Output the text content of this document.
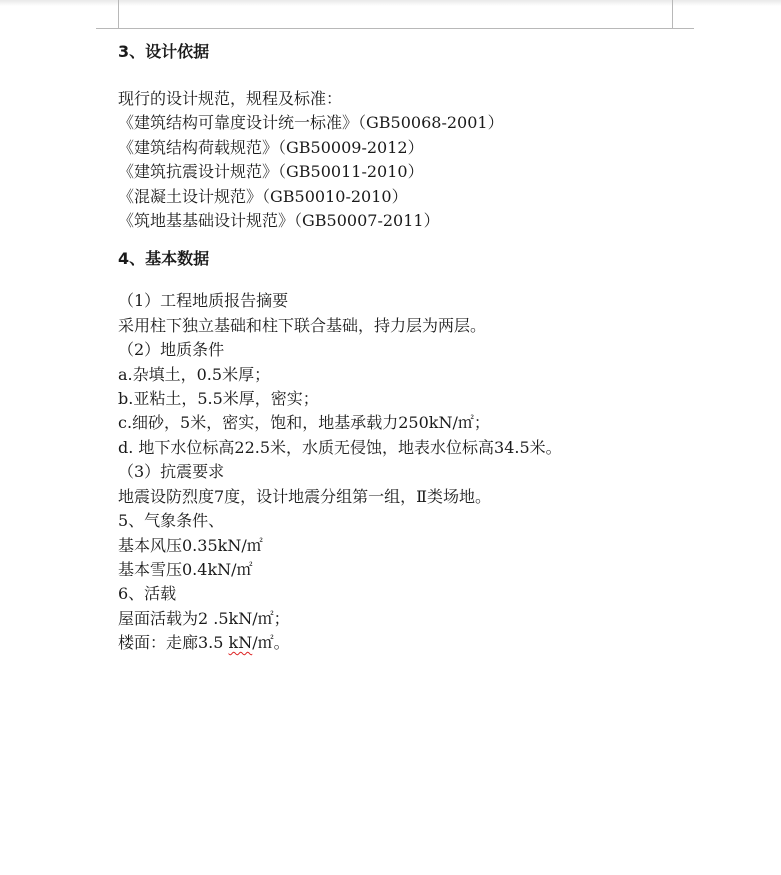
3、设计依据

现行的设计规范，规程及标准：

《建筑结构可靠度设计统一标准》（GB50068-2001）

《建筑结构荷载规范》（GB50009-2012）

《建筑抗震设计规范》（GB50011-2010）

《混凝土设计规范》（GB50010-2010）

《筑地基基础设计规范》（GB50007-2011）

4、基本数据

（1）工程地质报告摘要

采用柱下独立基础和柱下联合基础，持力层为两层。

（2）地质条件

a.杂填土，0.5米厚；

b.亚粘土，5.5米厚，密实；

c.细砂，5米，密实，饱和，地基承载力250kN/㎡；

d. 地下水位标高22.5米，水质无侵蚀，地表水位标高34.5米。

（3）抗震要求

地震设防烈度7度，设计地震分组第一组，Ⅱ类场地。

5、气象条件、

基本风压0.35kN/㎡

基本雪压0.4kN/㎡

6、活载

屋面活载为2 .5kN/㎡；

楼面：走廊3.5 kN/㎡。
